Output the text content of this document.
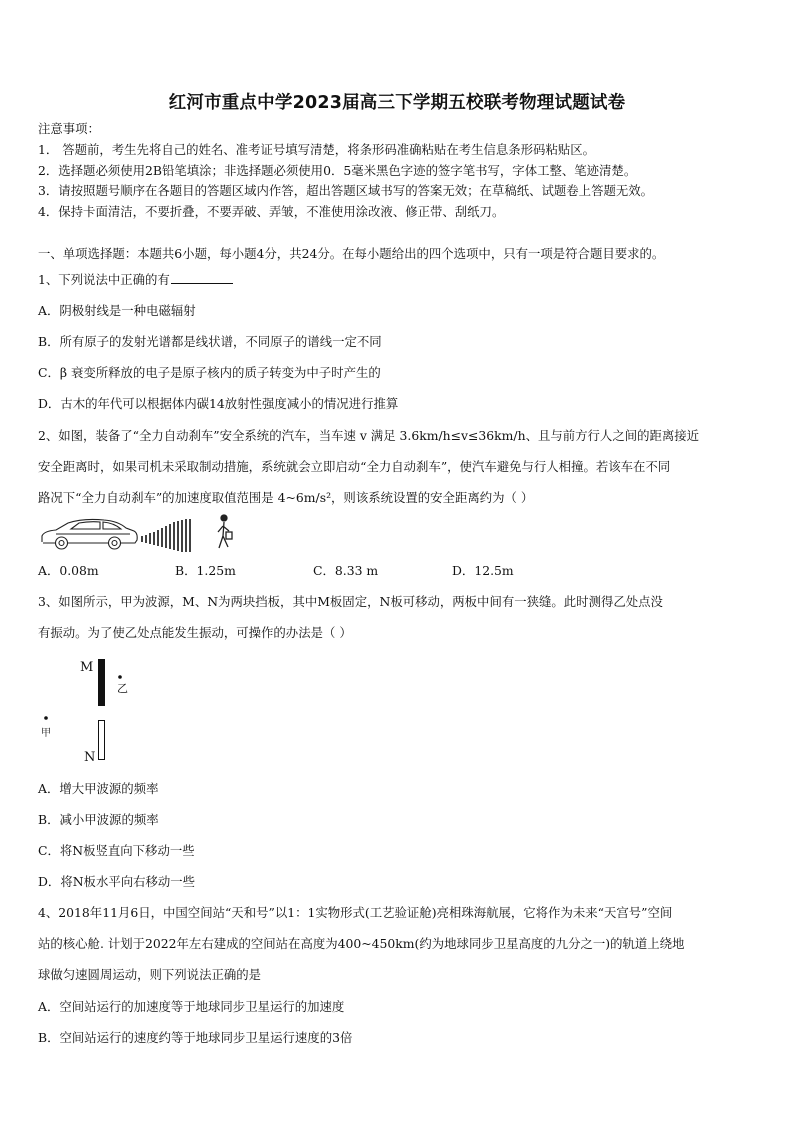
红河市重点中学2023届高三下学期五校联考物理试题试卷
注意事项：
1． 答题前，考生先将自己的姓名、准考证号填写清楚，将条形码准确粘贴在考生信息条形码粘贴区。
2．选择题必须使用2B铅笔填涂；非选择题必须使用0．5毫米黑色字迹的签字笔书写，字体工整、笔迹清楚。
3．请按照题号顺序在各题目的答题区域内作答，超出答题区域书写的答案无效；在草稿纸、试题卷上答题无效。
4．保持卡面清洁，不要折叠，不要弄破、弄皱，不准使用涂改液、修正带、刮纸刀。
一、单项选择题：本题共6小题，每小题4分，共24分。在每小题给出的四个选项中，只有一项是符合题目要求的。
1、下列说法中正确的有
A．阴极射线是一种电磁辐射
B．所有原子的发射光谱都是线状谱，不同原子的谱线一定不同
C．β 衰变所释放的电子是原子核内的质子转变为中子时产生的
D．古木的年代可以根据体内碳14放射性强度减小的情况进行推算
2、如图，装备了“全力自动刹车”安全系统的汽车，当车速 v 满足 3.6km/h≤v≤36km/h、且与前方行人之间的距离接近
安全距离时，如果司机未采取制动措施，系统就会立即启动“全力自动刹车”，使汽车避免与行人相撞。若该车在不同
路况下“全力自动刹车”的加速度取值范围是 4~6m/s²，则该系统设置的安全距离约为（ ）
A．0.08m	B．1.25m	C．8.33 m	D．12.5m
3、如图所示，甲为波源，M、N为两块挡板，其中M板固定，N板可移动，两板中间有一狭缝。此时测得乙处点没
有振动。为了使乙处点能发生振动，可操作的办法是（ ）
M
乙
甲
N
A．增大甲波源的频率
B．减小甲波源的频率
C．将N板竖直向下移动一些
D．将N板水平向右移动一些
4、2018年11月6日，中国空间站“天和号”以1：1实物形式(工艺验证舱)亮相珠海航展，它将作为未来“天宫号”空间
站的核心舱. 计划于2022年左右建成的空间站在高度为400~450km(约为地球同步卫星高度的九分之一)的轨道上绕地
球做匀速圆周运动，则下列说法正确的是
A．空间站运行的加速度等于地球同步卫星运行的加速度
B．空间站运行的速度约等于地球同步卫星运行速度的3倍
